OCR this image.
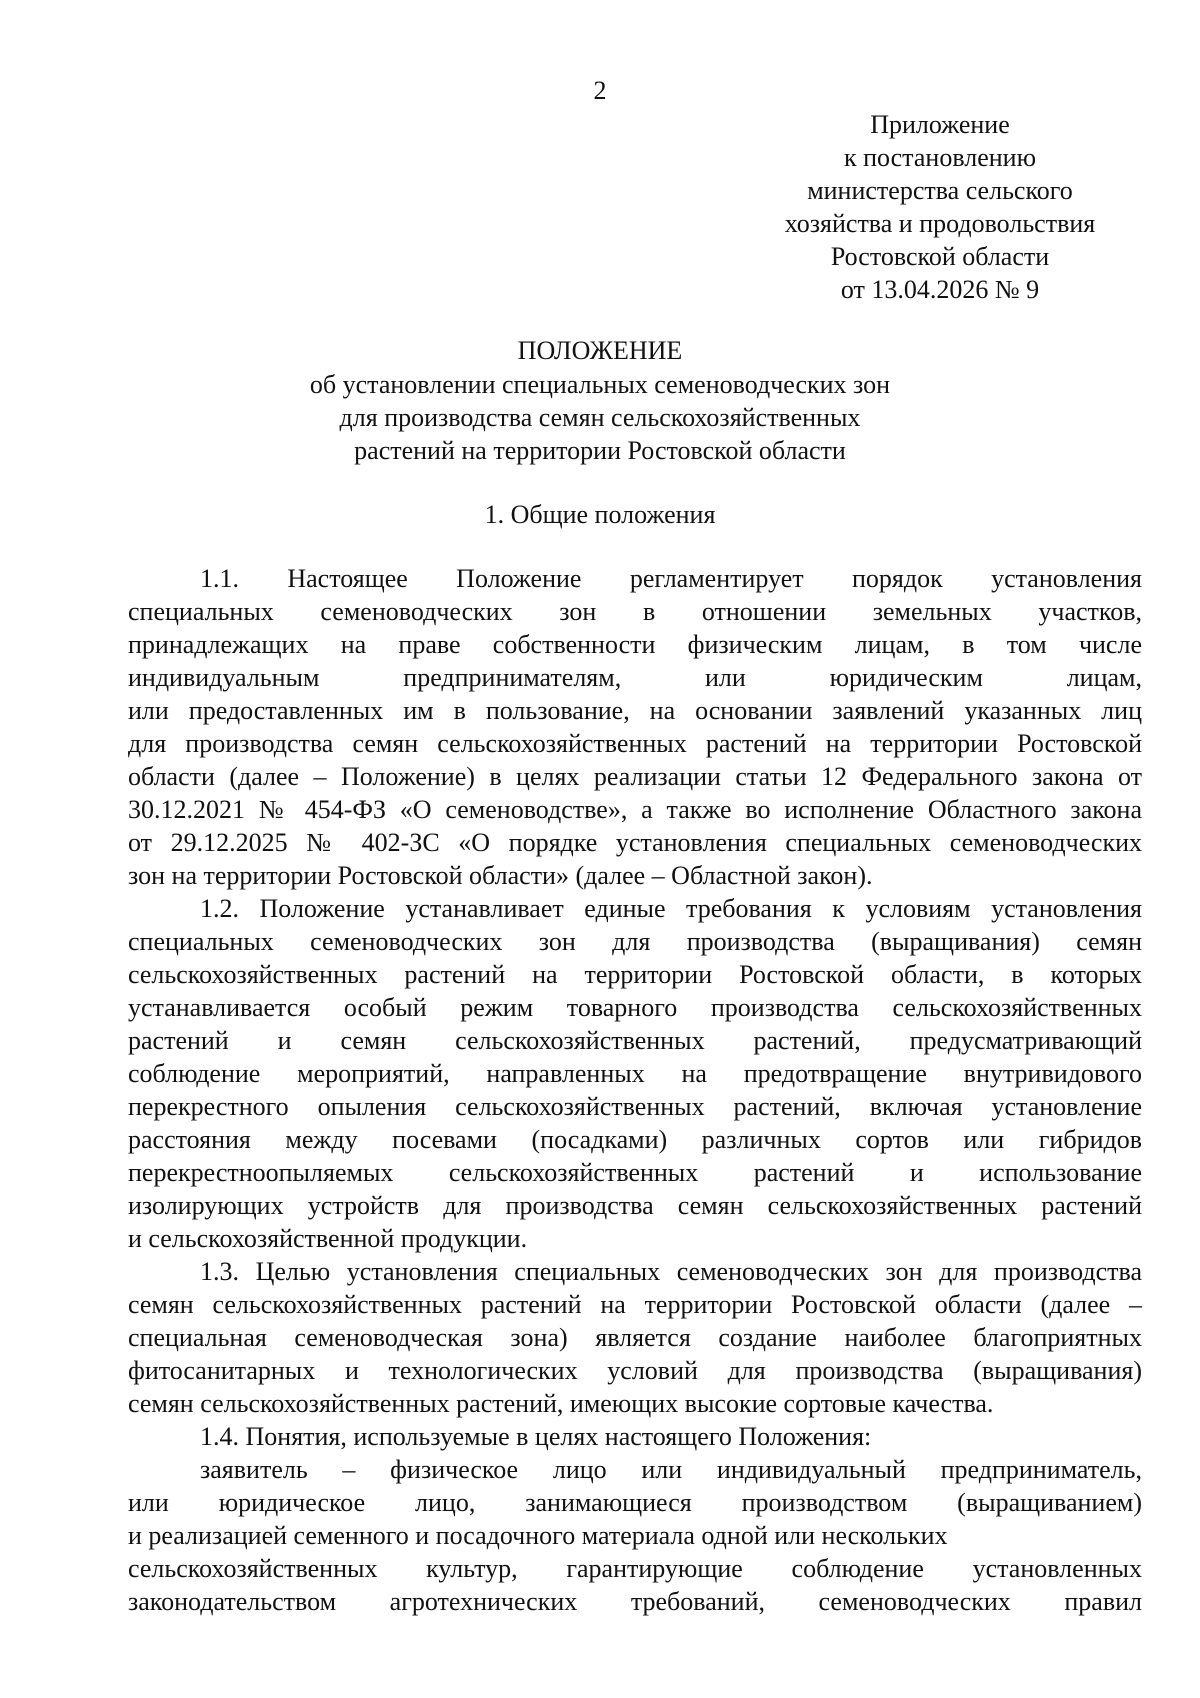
2
Приложение
к постановлению
министерства сельского
хозяйства и продовольствия
Ростовской области
от 13.04.2026 № 9
ПОЛОЖЕНИЕ
об установлении специальных семеноводческих зон
для производства семян сельскохозяйственных
растений на территории Ростовской области
1. Общие положения
1.1. Настоящее Положение регламентирует порядок установления
специальных семеноводческих зон в отношении земельных участков,
принадлежащих на праве собственности физическим лицам, в том числе
индивидуальным предпринимателям, или юридическим лицам,
или предоставленных им в пользование, на основании заявлений указанных лиц
для производства семян сельскохозяйственных растений на территории Ростовской
области (далее – Положение) в целях реализации статьи 12 Федерального закона от
30.12.2021 № 454-ФЗ «О семеноводстве», а также во исполнение Областного закона
от 29.12.2025 № 402-ЗС «О порядке установления специальных семеноводческих
зон на территории Ростовской области» (далее – Областной закон).
1.2. Положение устанавливает единые требования к условиям установления
специальных семеноводческих зон для производства (выращивания) семян
сельскохозяйственных растений на территории Ростовской области, в которых
устанавливается особый режим товарного производства сельскохозяйственных
растений и семян сельскохозяйственных растений, предусматривающий
соблюдение мероприятий, направленных на предотвращение внутривидового
перекрестного опыления сельскохозяйственных растений, включая установление
расстояния между посевами (посадками) различных сортов или гибридов
перекрестноопыляемых сельскохозяйственных растений и использование
изолирующих устройств для производства семян сельскохозяйственных растений
и сельскохозяйственной продукции.
1.3. Целью установления специальных семеноводческих зон для производства
семян сельскохозяйственных растений на территории Ростовской области (далее –
специальная семеноводческая зона) является создание наиболее благоприятных
фитосанитарных и технологических условий для производства (выращивания)
семян сельскохозяйственных растений, имеющих высокие сортовые качества.
1.4. Понятия, используемые в целях настоящего Положения:
заявитель – физическое лицо или индивидуальный предприниматель,
или юридическое лицо, занимающиеся производством (выращиванием)
и реализацией семенного и посадочного материала одной или нескольких
сельскохозяйственных культур, гарантирующие соблюдение установленных
законодательством агротехнических требований, семеноводческих правил
